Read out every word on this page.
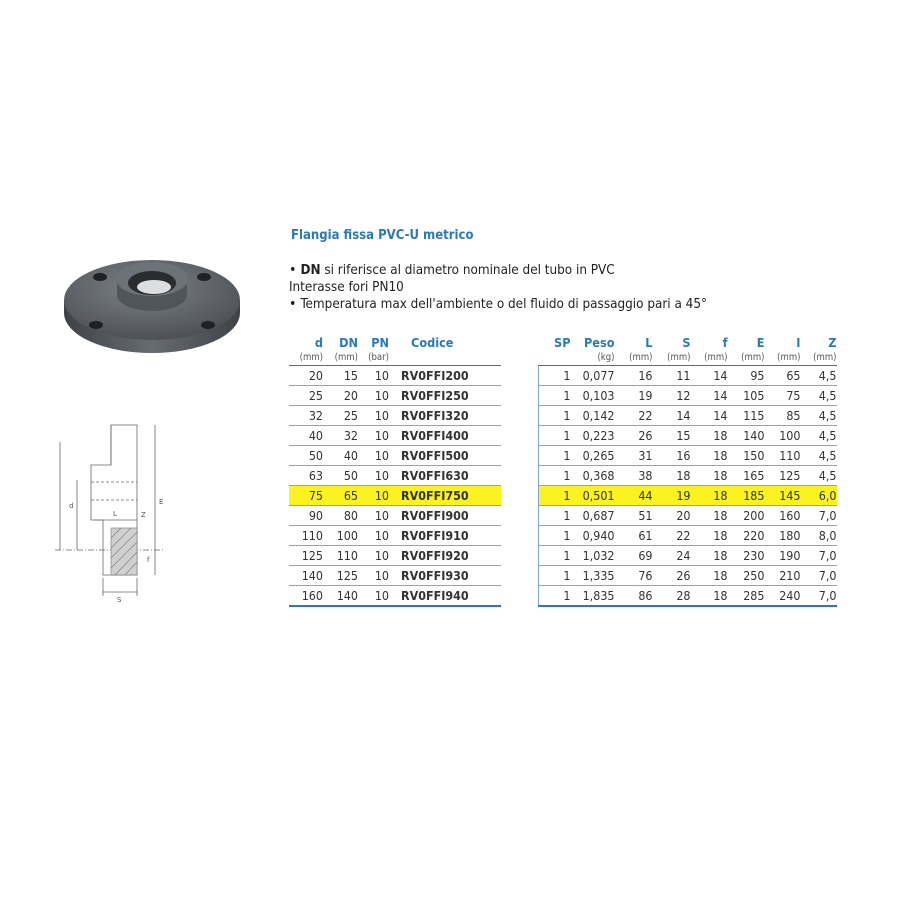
d
L	Z
E
f
S
Flangia fissa PVC-U metrico
• DN si riferisce al diametro nominale del tubo in PVC
Interasse fori PN10
• Temperatura max dell'ambiente o del fluido di passaggio pari a 45°
d	DN	PN	Codice
(mm)	(mm)	(bar)	
20	15	10	RV0FFI200
25	20	10	RV0FFI250
32	25	10	RV0FFI320
40	32	10	RV0FFI400
50	40	10	RV0FFI500
63	50	10	RV0FFI630
75	65	10	RV0FFI750
90	80	10	RV0FFI900
110	100	10	RV0FFI910
125	110	10	RV0FFI920
140	125	10	RV0FFI930
160	140	10	RV0FFI940
SP	Peso	L	S	f	E	I	Z
	(kg)	(mm)	(mm)	(mm)	(mm)	(mm)	(mm)
1	0,077	16	11	14	95	65	4,5
1	0,103	19	12	14	105	75	4,5
1	0,142	22	14	14	115	85	4,5
1	0,223	26	15	18	140	100	4,5
1	0,265	31	16	18	150	110	4,5
1	0,368	38	18	18	165	125	4,5
1	0,501	44	19	18	185	145	6,0
1	0,687	51	20	18	200	160	7,0
1	0,940	61	22	18	220	180	8,0
1	1,032	69	24	18	230	190	7,0
1	1,335	76	26	18	250	210	7,0
1	1,835	86	28	18	285	240	7,0
